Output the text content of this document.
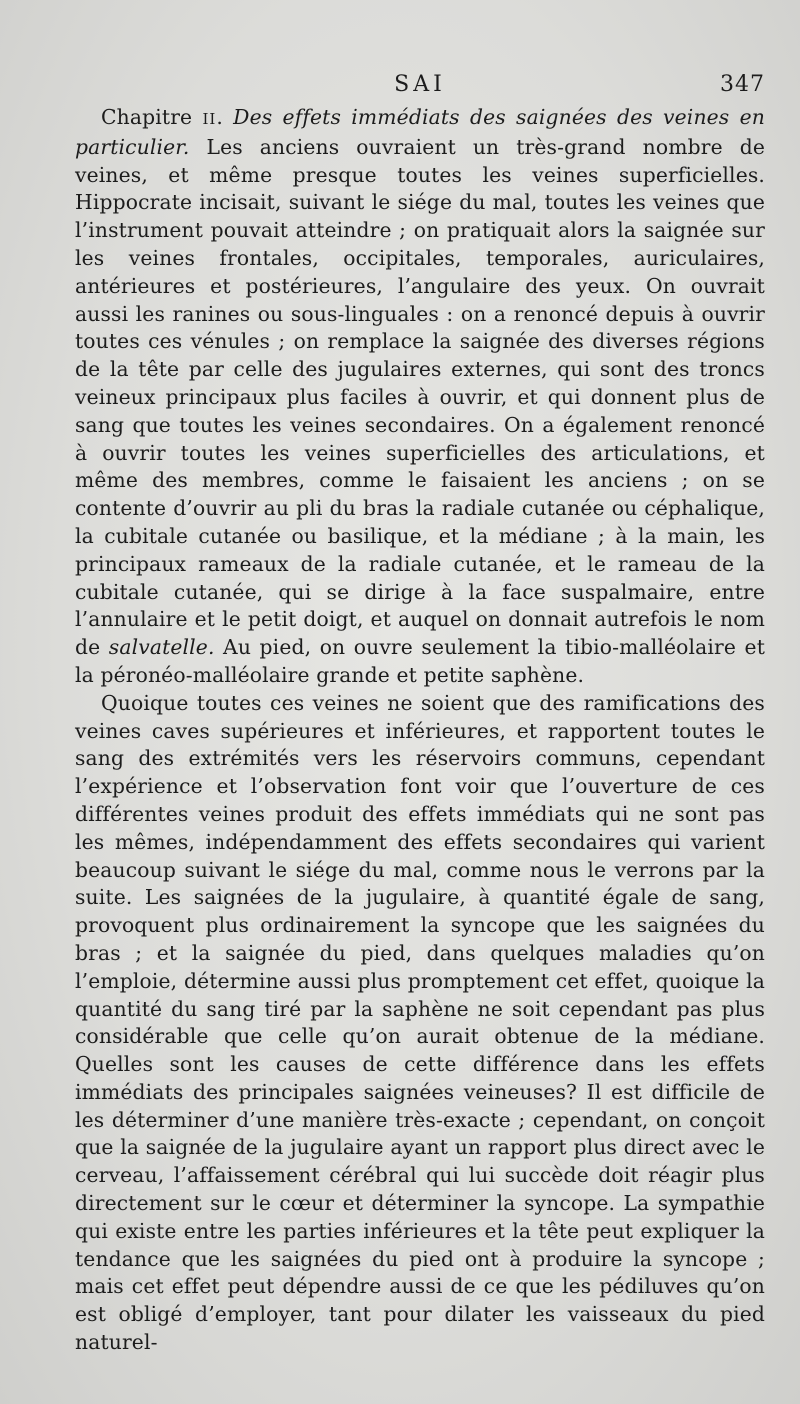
SAI	347

Chapitre II. Des effets immédiats des saignées des veines en particulier. Les anciens ouvraient un très-grand nombre de veines, et même presque toutes les veines superficielles. Hippocrate incisait, suivant le siége du mal, toutes les veines que l’instrument pouvait atteindre ; on pratiquait alors la saignée sur les veines frontales, occipitales, temporales, auriculaires, antérieures et postérieures, l’angulaire des yeux. On ouvrait aussi les ranines ou sous-linguales : on a renoncé depuis à ouvrir toutes ces vénules ; on remplace la saignée des diverses régions de la tête par celle des jugulaires externes, qui sont des troncs veineux principaux plus faciles à ouvrir, et qui donnent plus de sang que toutes les veines secondaires. On a également renoncé à ouvrir toutes les veines superficielles des articulations, et même des membres, comme le faisaient les anciens ; on se contente d’ouvrir au pli du bras la radiale cutanée ou céphalique, la cubitale cutanée ou basilique, et la médiane ; à la main, les principaux rameaux de la radiale cutanée, et le rameau de la cubitale cutanée, qui se dirige à la face suspalmaire, entre l’annulaire et le petit doigt, et auquel on donnait autrefois le nom de salvatelle. Au pied, on ouvre seulement la tibio-malléolaire et la péronéo-malléolaire grande et petite saphène.

Quoique toutes ces veines ne soient que des ramifications des veines caves supérieures et inférieures, et rapportent toutes le sang des extrémités vers les réservoirs communs, cependant l’expérience et l’observation font voir que l’ouverture de ces différentes veines produit des effets immédiats qui ne sont pas les mêmes, indépendamment des effets secondaires qui varient beaucoup suivant le siége du mal, comme nous le verrons par la suite. Les saignées de la jugulaire, à quantité égale de sang, provoquent plus ordinairement la syncope que les saignées du bras ; et la saignée du pied, dans quelques maladies qu’on l’emploie, détermine aussi plus promptement cet effet, quoique la quantité du sang tiré par la saphène ne soit cependant pas plus considérable que celle qu’on aurait obtenue de la médiane. Quelles sont les causes de cette différence dans les effets immédiats des principales saignées veineuses? Il est difficile de les déterminer d’une manière très-exacte ; cependant, on conçoit que la saignée de la jugulaire ayant un rapport plus direct avec le cerveau, l’affaissement cérébral qui lui succède doit réagir plus directement sur le cœur et déterminer la syncope. La sympathie qui existe entre les parties inférieures et la tête peut expliquer la tendance que les saignées du pied ont à produire la syncope ; mais cet effet peut dépendre aussi de ce que les pédiluves qu’on est obligé d’employer, tant pour dilater les vaisseaux du pied naturel-
